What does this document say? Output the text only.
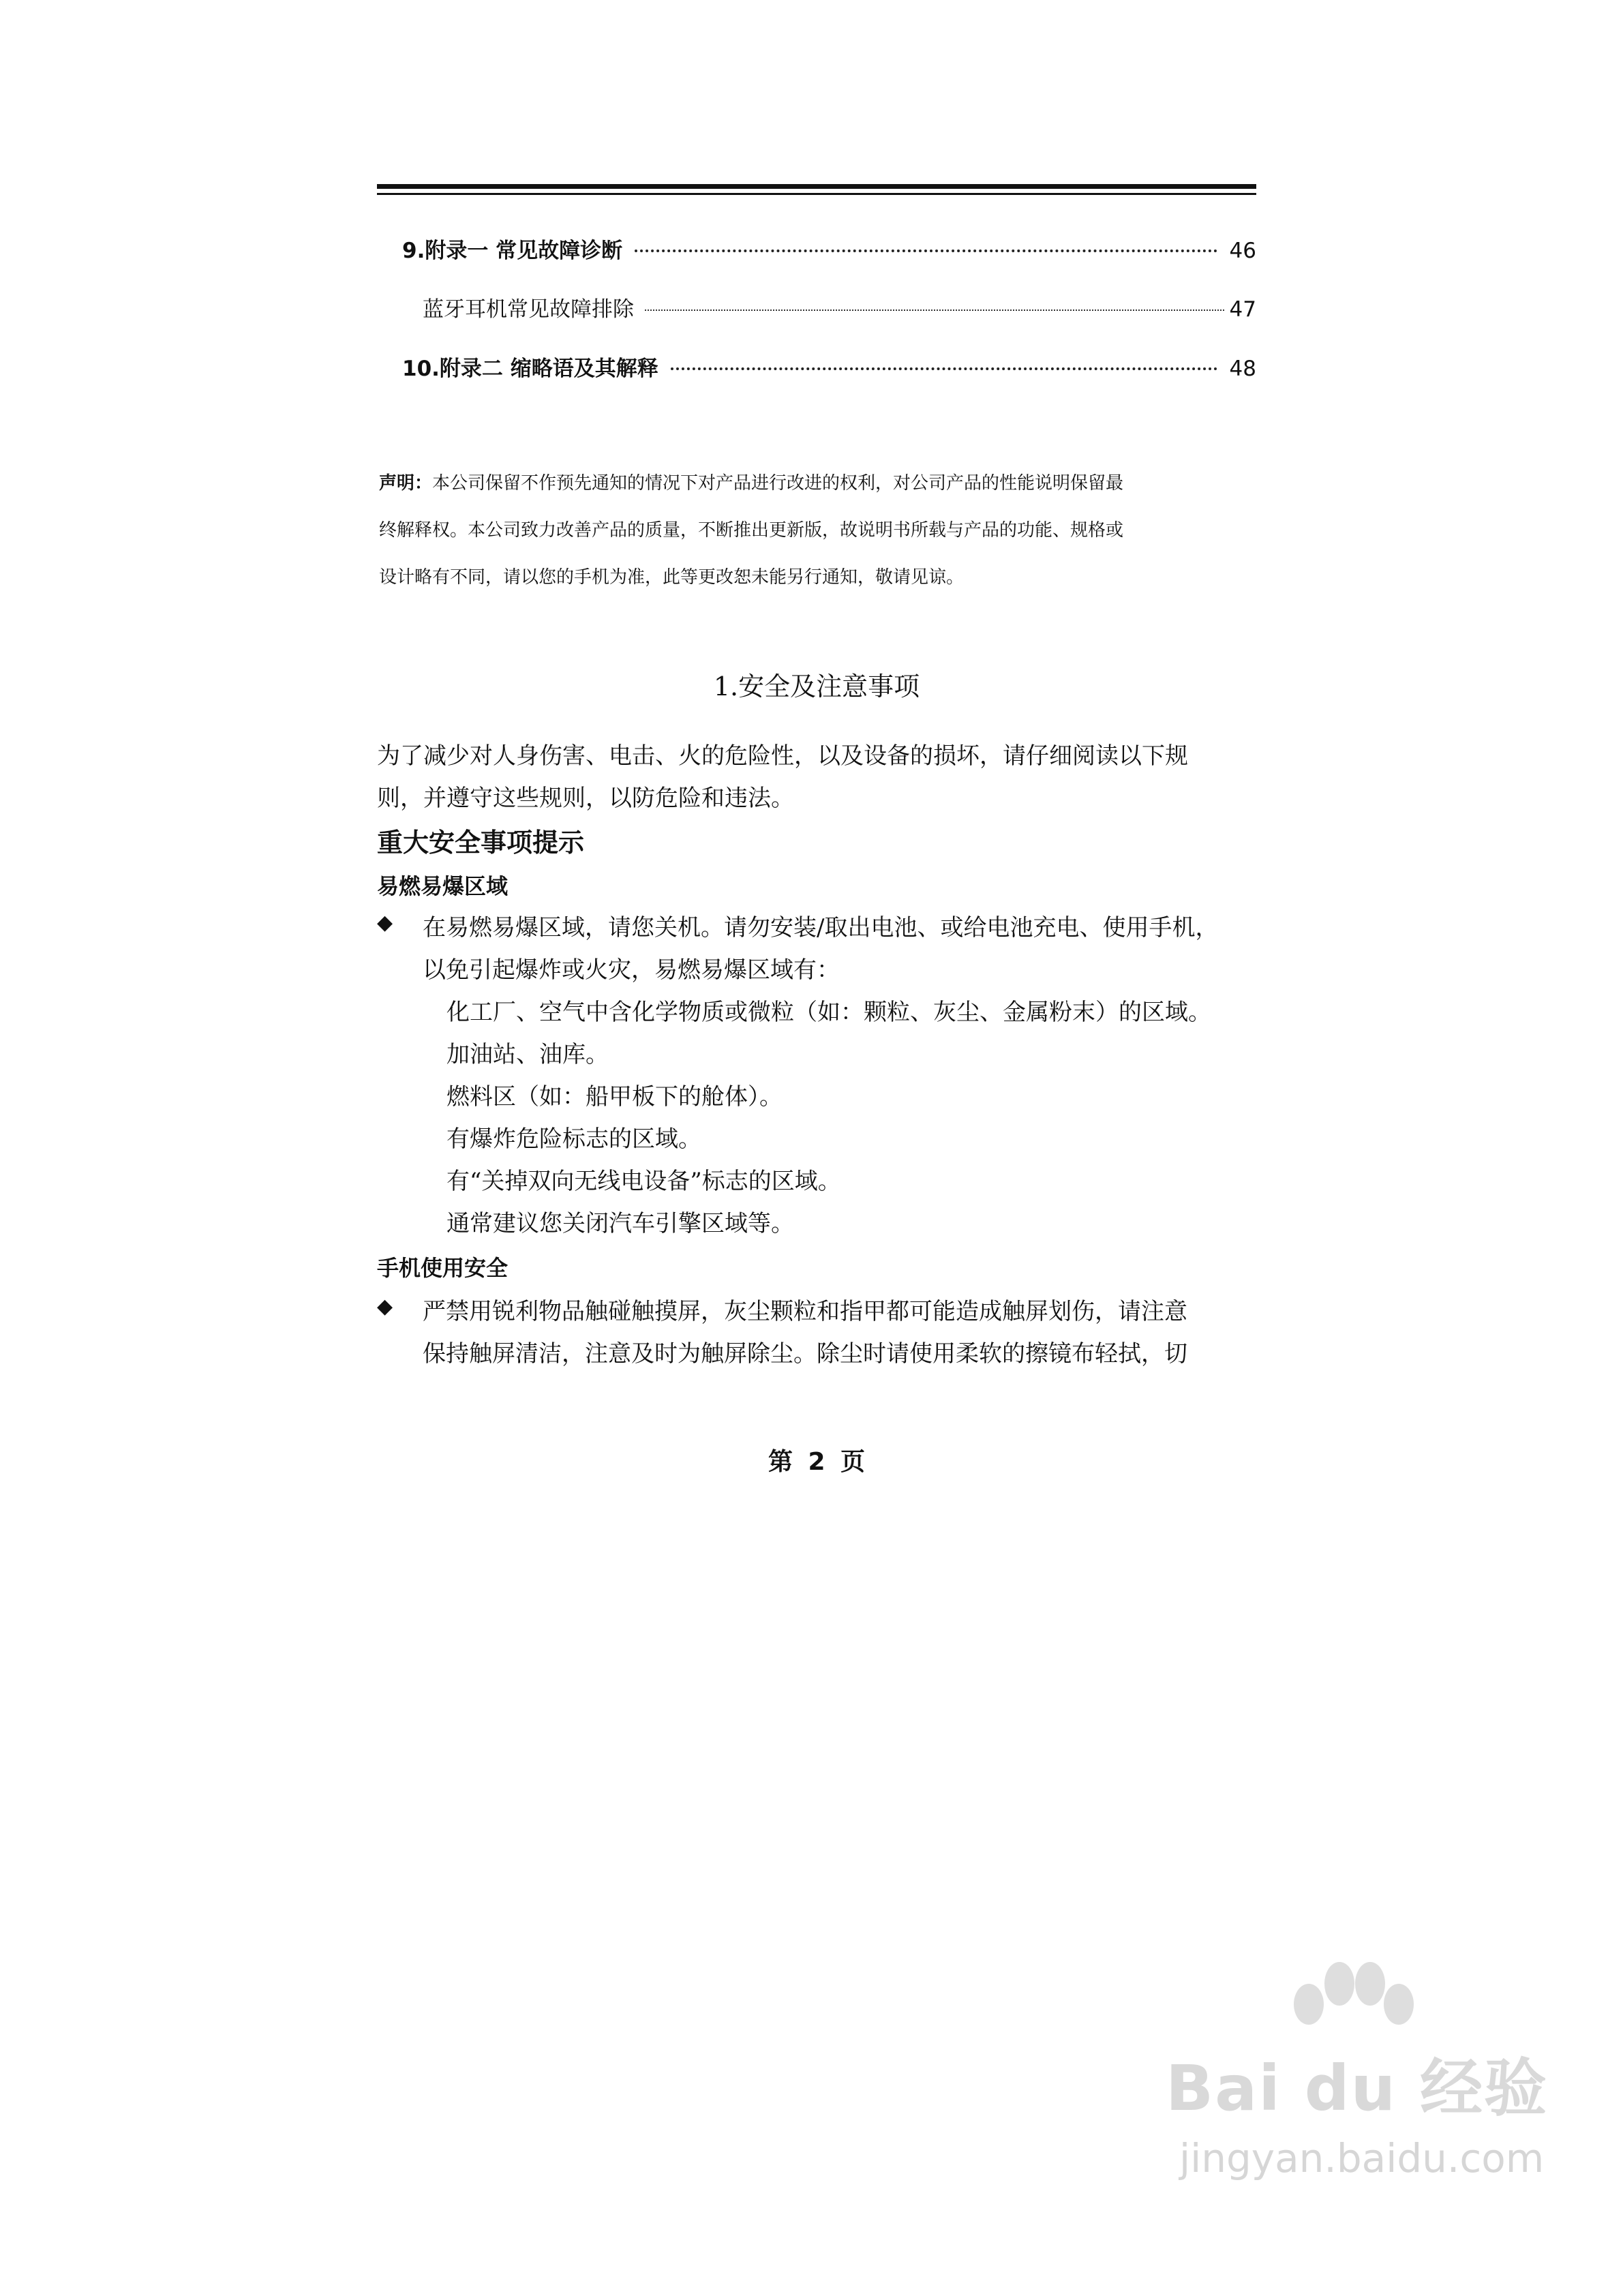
9.附录一 常见故障诊断	46
蓝牙耳机常见故障排除	47
10.附录二 缩略语及其解释	48
声明：本公司保留不作预先通知的情况下对产品进行改进的权利，对公司产品的性能说明保留最
终解释权。本公司致力改善产品的质量，不断推出更新版，故说明书所载与产品的功能、规格或
设计略有不同，请以您的手机为准，此等更改恕未能另行通知，敬请见谅。
1.安全及注意事项
为了减少对人身伤害、电击、火的危险性，以及设备的损坏，请仔细阅读以下规
则，并遵守这些规则，以防危险和违法。
重大安全事项提示
易燃易爆区域
◆ 在易燃易爆区域，请您关机。请勿安装/取出电池、或给电池充电、使用手机，
以免引起爆炸或火灾，易燃易爆区域有：
化工厂、空气中含化学物质或微粒（如：颗粒、灰尘、金属粉末）的区域。
加油站、油库。
燃料区（如：船甲板下的舱体）。
有爆炸危险标志的区域。
有“关掉双向无线电设备”标志的区域。
通常建议您关闭汽车引擎区域等。
手机使用安全
◆ 严禁用锐利物品触碰触摸屏，灰尘颗粒和指甲都可能造成触屏划伤，请注意
保持触屏清洁，注意及时为触屏除尘。除尘时请使用柔软的擦镜布轻拭，切
第 2 页
Bai du 经验
jingyan.baidu.com
